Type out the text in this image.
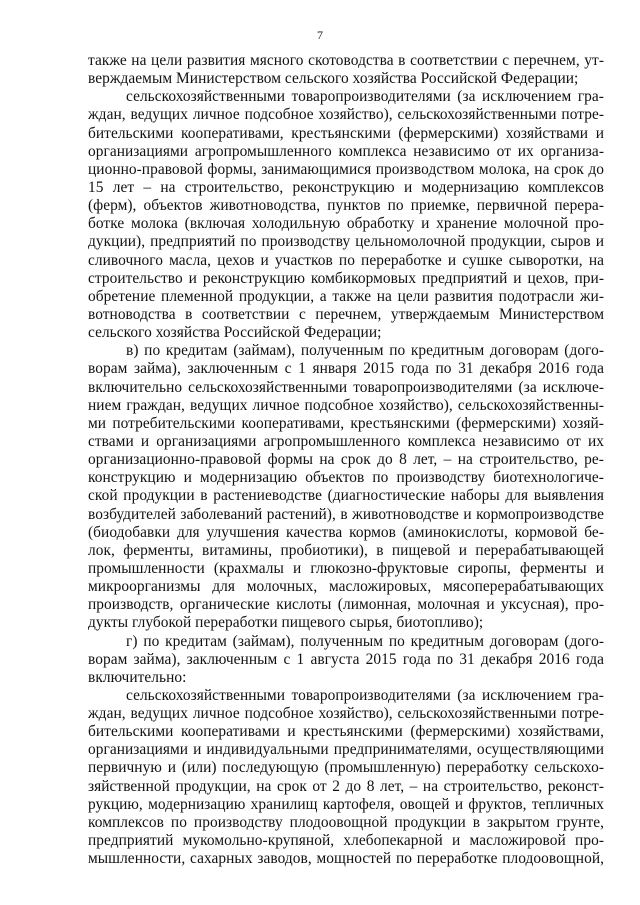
7
также на цели развития мясного скотоводства в соответствии с перечнем, ут-
верждаемым Министерством сельского хозяйства Российской Федерации;
сельскохозяйственными товаропроизводителями (за исключением гра-
ждан, ведущих личное подсобное хозяйство), сельскохозяйственными потре-
бительскими кооперативами, крестьянскими (фермерскими) хозяйствами и
организациями агропромышленного комплекса независимо от их организа-
ционно-правовой формы, занимающимися производством молока, на срок до
15 лет – на строительство, реконструкцию и модернизацию комплексов
(ферм), объектов животноводства, пунктов по приемке, первичной перера-
ботке молока (включая холодильную обработку и хранение молочной про-
дукции), предприятий по производству цельномолочной продукции, сыров и
сливочного масла, цехов и участков по переработке и сушке сыворотки, на
строительство и реконструкцию комбикормовых предприятий и цехов, при-
обретение племенной продукции, а также на цели развития подотрасли жи-
вотноводства в соответствии с перечнем, утверждаемым Министерством
сельского хозяйства Российской Федерации;
в) по кредитам (займам), полученным по кредитным договорам (дого-
ворам займа), заключенным с 1 января 2015 года по 31 декабря 2016 года
включительно сельскохозяйственными товаропроизводителями (за исключе-
нием граждан, ведущих личное подсобное хозяйство), сельскохозяйственны-
ми потребительскими кооперативами, крестьянскими (фермерскими) хозяй-
ствами и организациями агропромышленного комплекса независимо от их
организационно-правовой формы на срок до 8 лет, – на строительство, ре-
конструкцию и модернизацию объектов по производству биотехнологиче-
ской продукции в растениеводстве (диагностические наборы для выявления
возбудителей заболеваний растений), в животноводстве и кормопроизводстве
(биодобавки для улучшения качества кормов (аминокислоты, кормовой бе-
лок, ферменты, витамины, пробиотики), в пищевой и перерабатывающей
промышленности (крахмалы и глюкозно-фруктовые сиропы, ферменты и
микроорганизмы для молочных, масложировых, мясоперерабатывающих
производств, органические кислоты (лимонная, молочная и уксусная), про-
дукты глубокой переработки пищевого сырья, биотопливо);
г) по кредитам (займам), полученным по кредитным договорам (дого-
ворам займа), заключенным с 1 августа 2015 года по 31 декабря 2016 года
включительно:
сельскохозяйственными товаропроизводителями (за исключением гра-
ждан, ведущих личное подсобное хозяйство), сельскохозяйственными потре-
бительскими кооперативами и крестьянскими (фермерскими) хозяйствами,
организациями и индивидуальными предпринимателями, осуществляющими
первичную и (или) последующую (промышленную) переработку сельскохо-
зяйственной продукции, на срок от 2 до 8 лет, – на строительство, реконст-
рукцию, модернизацию хранилищ картофеля, овощей и фруктов, тепличных
комплексов по производству плодоовощной продукции в закрытом грунте,
предприятий мукомольно-крупяной, хлебопекарной и масложировой про-
мышленности, сахарных заводов, мощностей по переработке плодоовощной,
